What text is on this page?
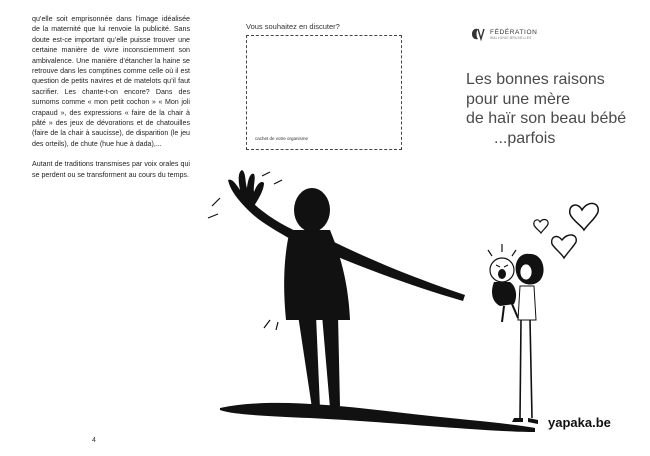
qu’elle soit emprisonnée dans l’image idéalisée de la maternité que lui renvoie la publicité. Sans doute est-ce important qu’elle puisse trouver une certaine manière de vivre inconsciemment son ambivalence. Une manière d’étancher la haine se retrouve dans les comptines comme celle où il est question de petits navires et de matelots qu’il faut sacrifier. Les chante-t-on encore? Dans des surnoms comme « mon petit cochon » « Mon joli crapaud », des expressions « faire de la chair à pâté » des jeux de dévorations et de chatouilles (faire de la chair à saucisse), de disparition (le jeu des orteils), de chute (hue hue à dada),...

Autant de traditions transmises par voix orales qui se perdent ou se transforment au cours du temps.

4
Vous souhaitez en discuter?
cachet de votre organisme
FÉDÉRATION
WALLONIE-BRUXELLES
Les bonnes raisons
pour une mère
de haïr son beau bébé
...parfois
yapaka.be
